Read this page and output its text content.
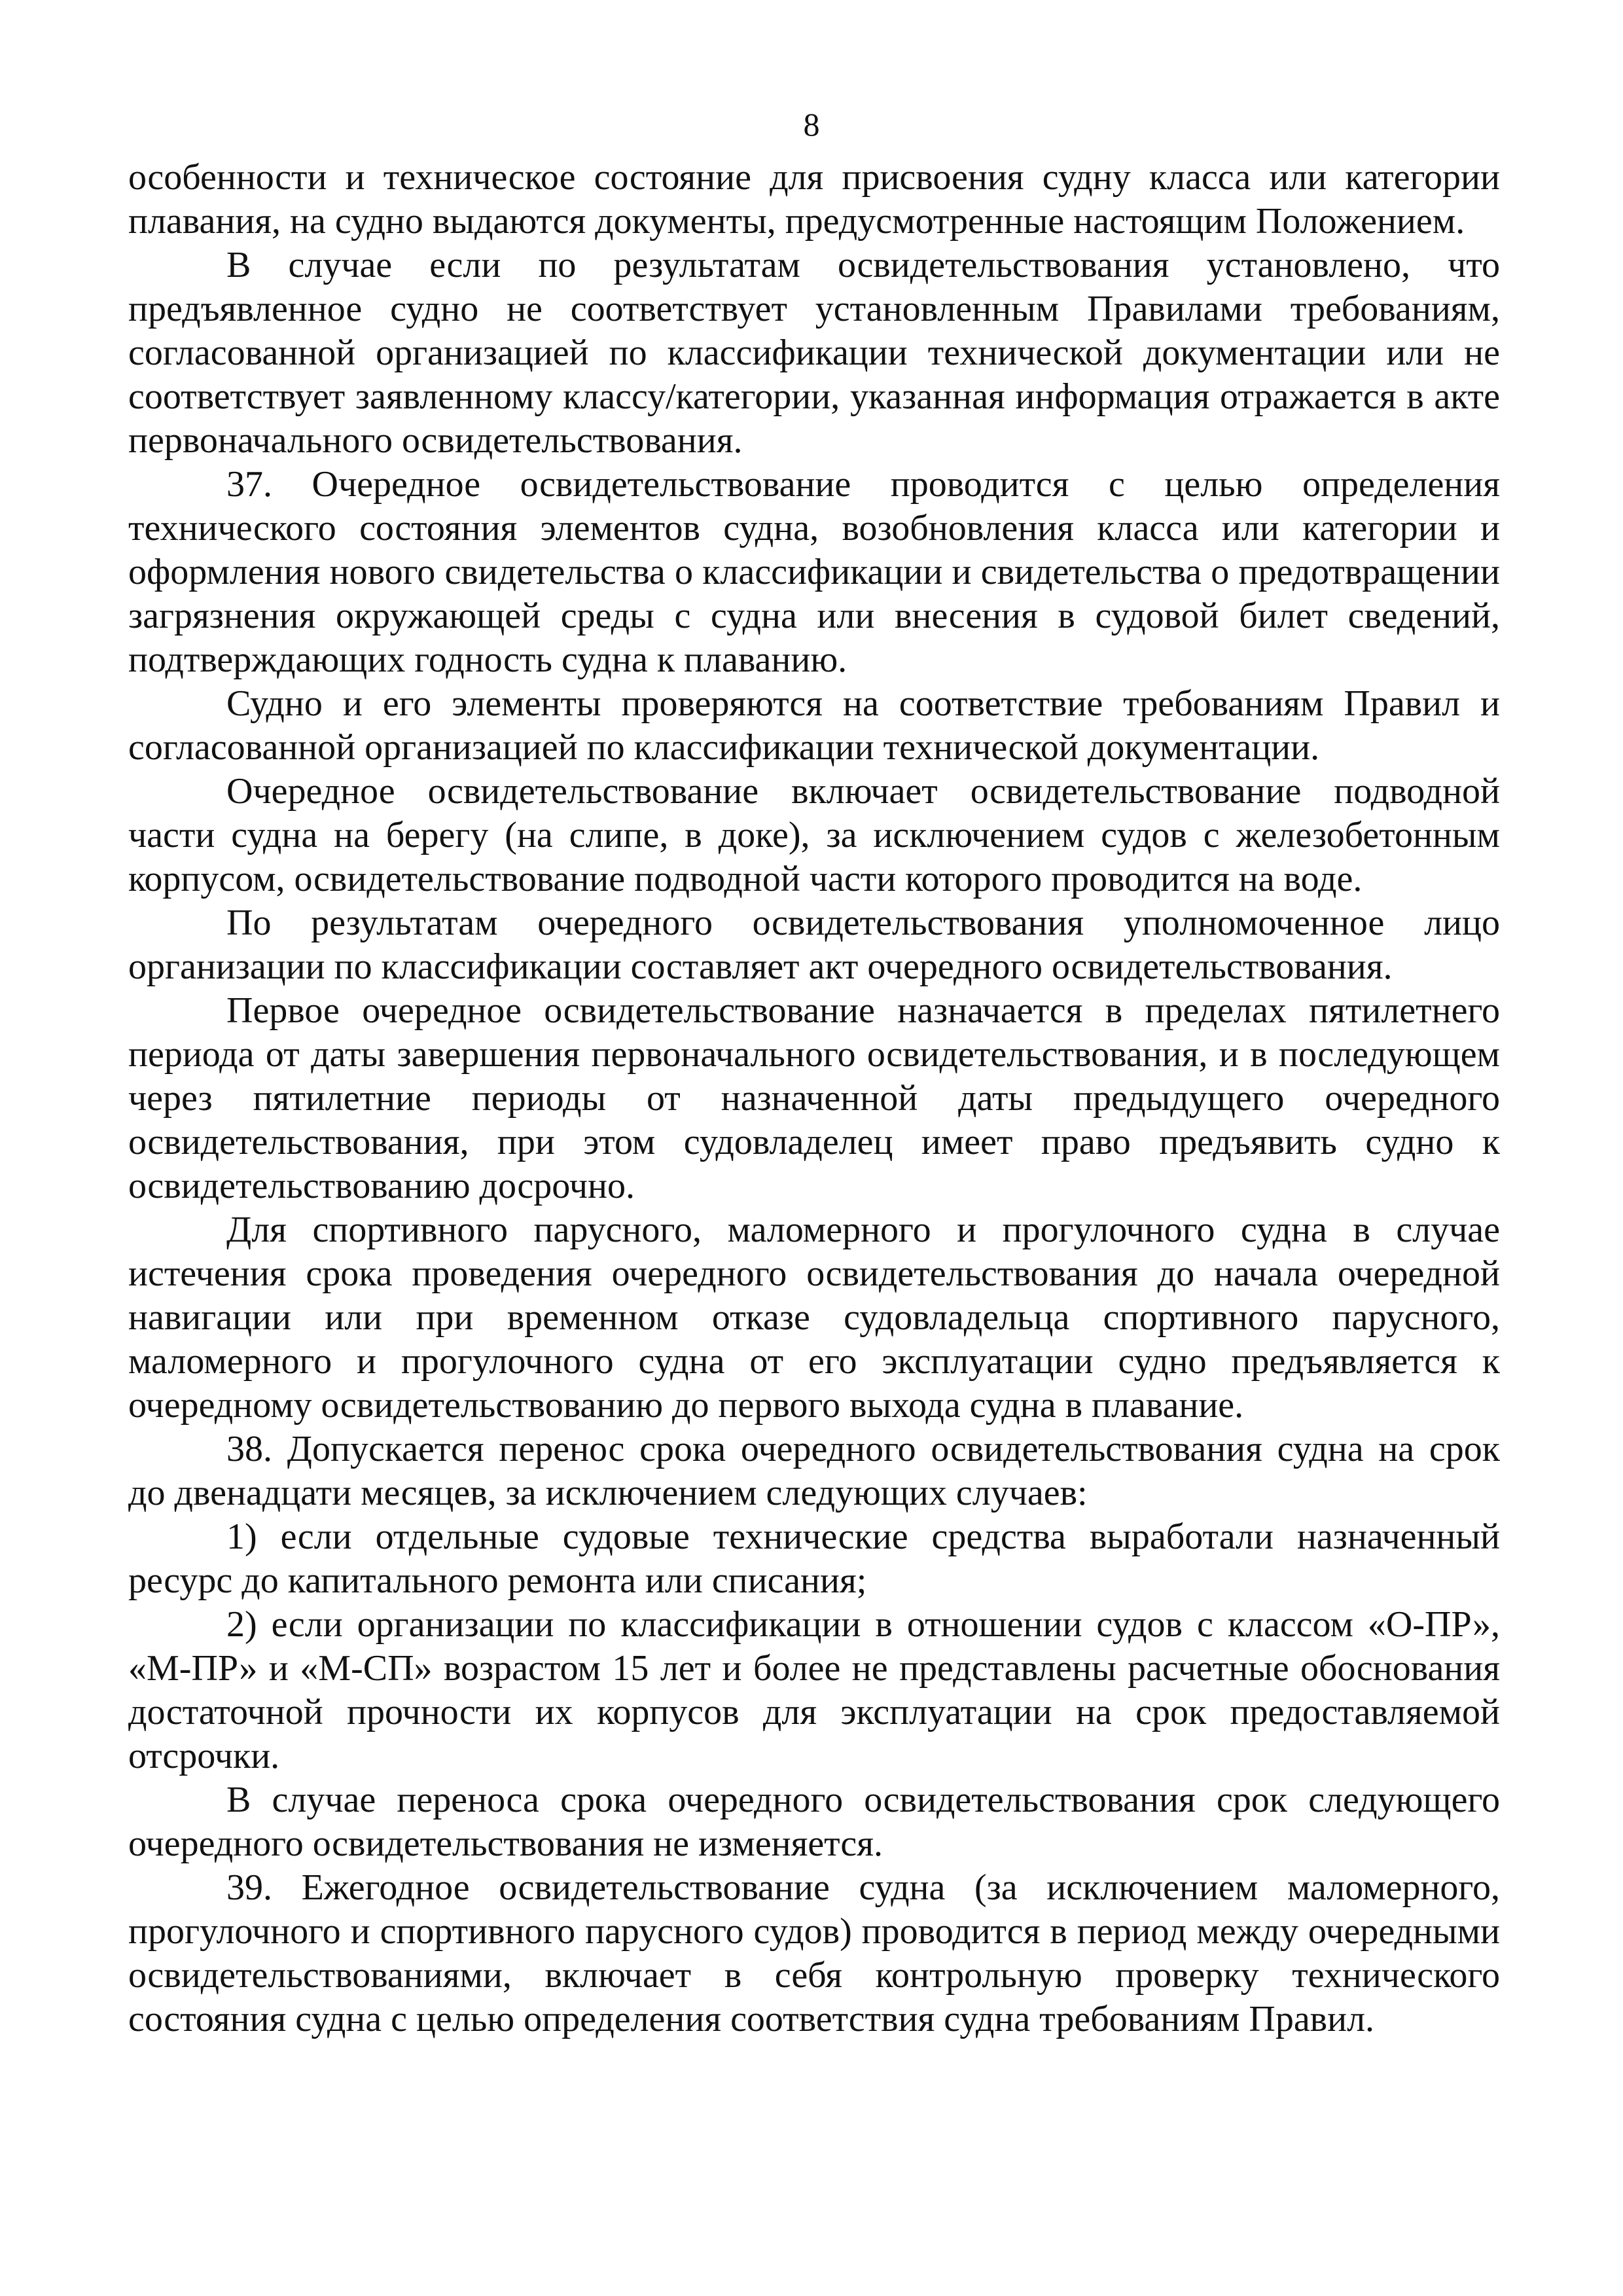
8

особенности и техническое состояние для присвоения судну класса или категории плавания, на судно выдаются документы, предусмотренные настоящим Положением.

В случае если по результатам освидетельствования установлено, что предъявленное судно не соответствует установленным Правилами требованиям, согласованной организацией по классификации технической документации или не соответствует заявленному классу/категории, указанная информация отражается в акте первоначального освидетельствования.

37. Очередное освидетельствование проводится с целью определения технического состояния элементов судна, возобновления класса или категории и оформления нового свидетельства о классификации и свидетельства о предотвращении загрязнения окружающей среды с судна или внесения в судовой билет сведений, подтверждающих годность судна к плаванию.

Судно и его элементы проверяются на соответствие требованиям Правил и согласованной организацией по классификации технической документации.

Очередное освидетельствование включает освидетельствование подводной части судна на берегу (на слипе, в доке), за исключением судов с железобетонным корпусом, освидетельствование подводной части которого проводится на воде.

По результатам очередного освидетельствования уполномоченное лицо организации по классификации составляет акт очередного освидетельствования.

Первое очередное освидетельствование назначается в пределах пятилетнего периода от даты завершения первоначального освидетельствования, и в последующем через пятилетние периоды от назначенной даты предыдущего очередного освидетельствования, при этом судовладелец имеет право предъявить судно к освидетельствованию досрочно.

Для спортивного парусного, маломерного и прогулочного судна в случае истечения срока проведения очередного освидетельствования до начала очередной навигации или при временном отказе судовладельца спортивного парусного, маломерного и прогулочного судна от его эксплуатации судно предъявляется к очередному освидетельствованию до первого выхода судна в плавание.

38. Допускается перенос срока очередного освидетельствования судна на срок до двенадцати месяцев, за исключением следующих случаев:

1) если отдельные судовые технические средства выработали назначенный ресурс до капитального ремонта или списания;

2) если организации по классификации в отношении судов с классом «О-ПР», «М-ПР» и «М-СП» возрастом 15 лет и более не представлены расчетные обоснования достаточной прочности их корпусов для эксплуатации на срок предоставляемой отсрочки.

В случае переноса срока очередного освидетельствования срок следующего очередного освидетельствования не изменяется.

39. Ежегодное освидетельствование судна (за исключением маломерного, прогулочного и спортивного парусного судов) проводится в период между очередными освидетельствованиями, включает в себя контрольную проверку технического состояния судна с целью определения соответствия судна требованиям Правил.
